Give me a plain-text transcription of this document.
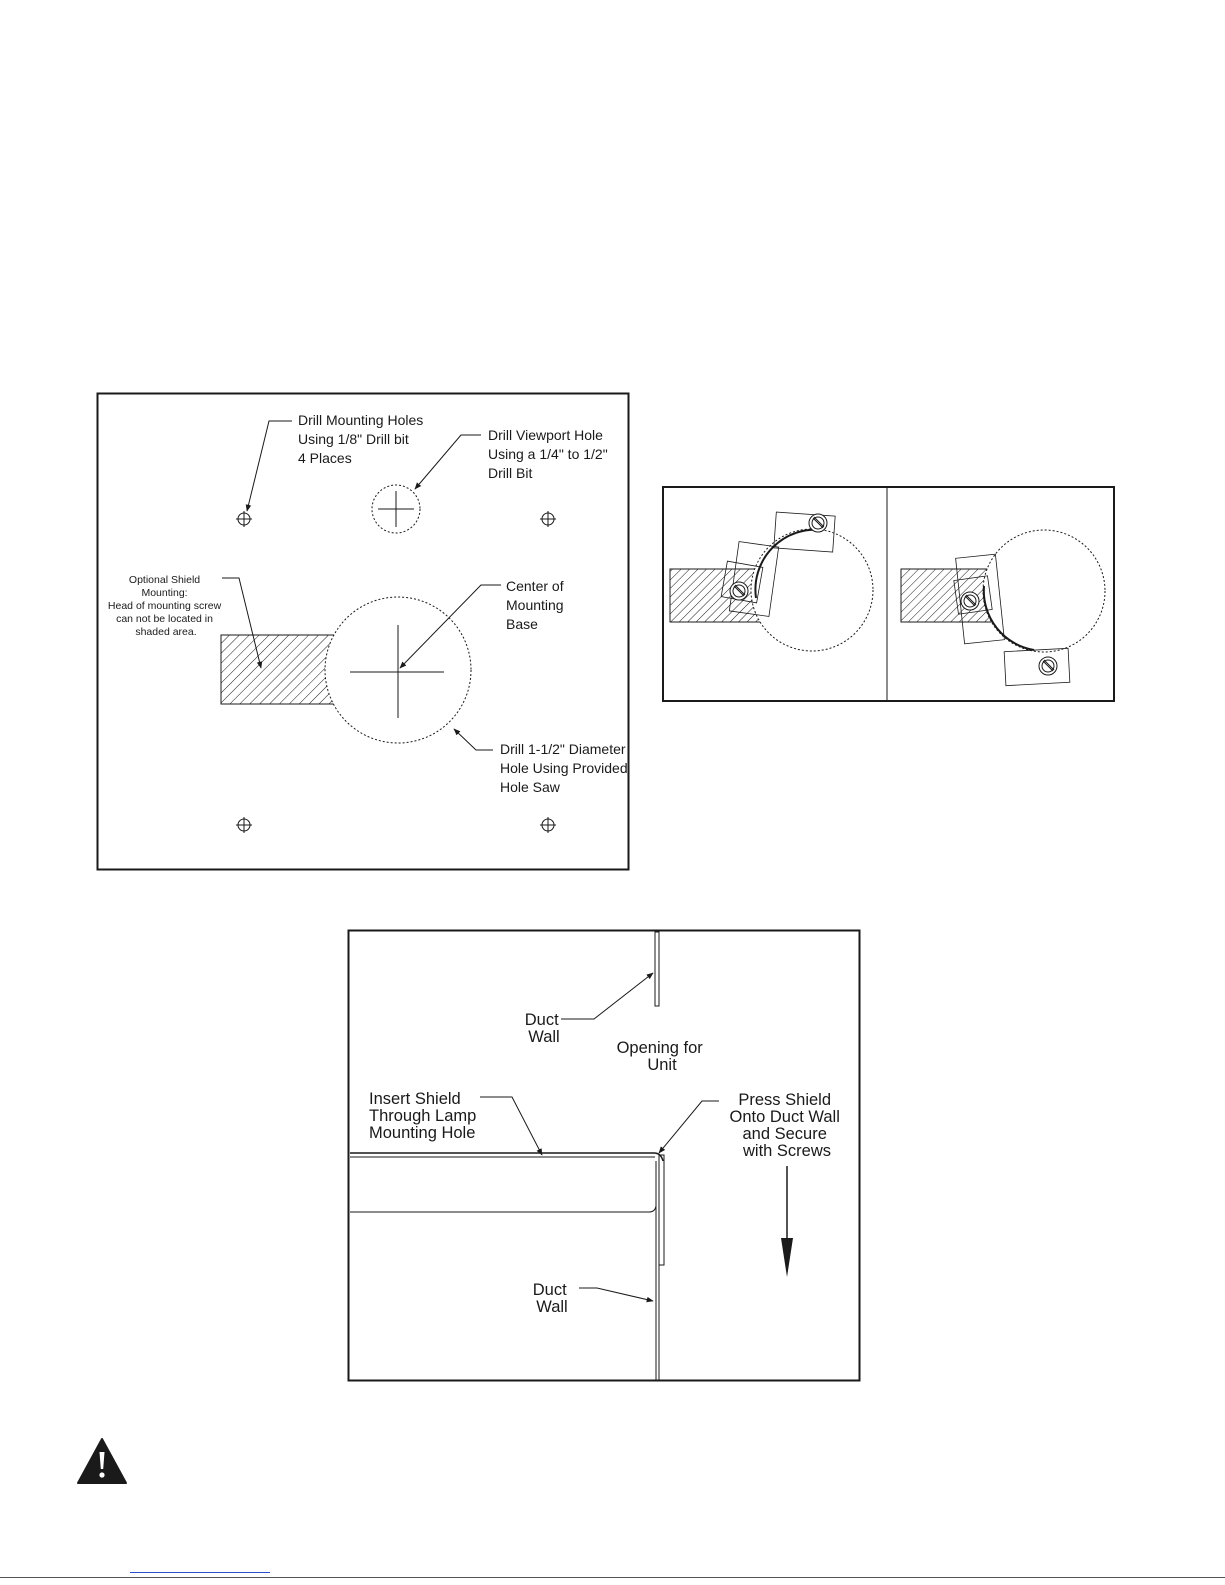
Drill Mounting Holes Using 1/8" Drill bit 4 Places
Drill Viewport Hole Using a 1/4" to 1/2" Drill Bit
Optional Shield Mounting: Head of mounting screw can not be located in shaded area.
Center of Mounting Base
Drill 1-1/2" Diameter Hole Using Provided Hole Saw
Duct Wall
Opening for Unit
Insert Shield Through Lamp Mounting Hole
Press Shield Onto Duct Wall and Secure with Screws
Duct Wall
